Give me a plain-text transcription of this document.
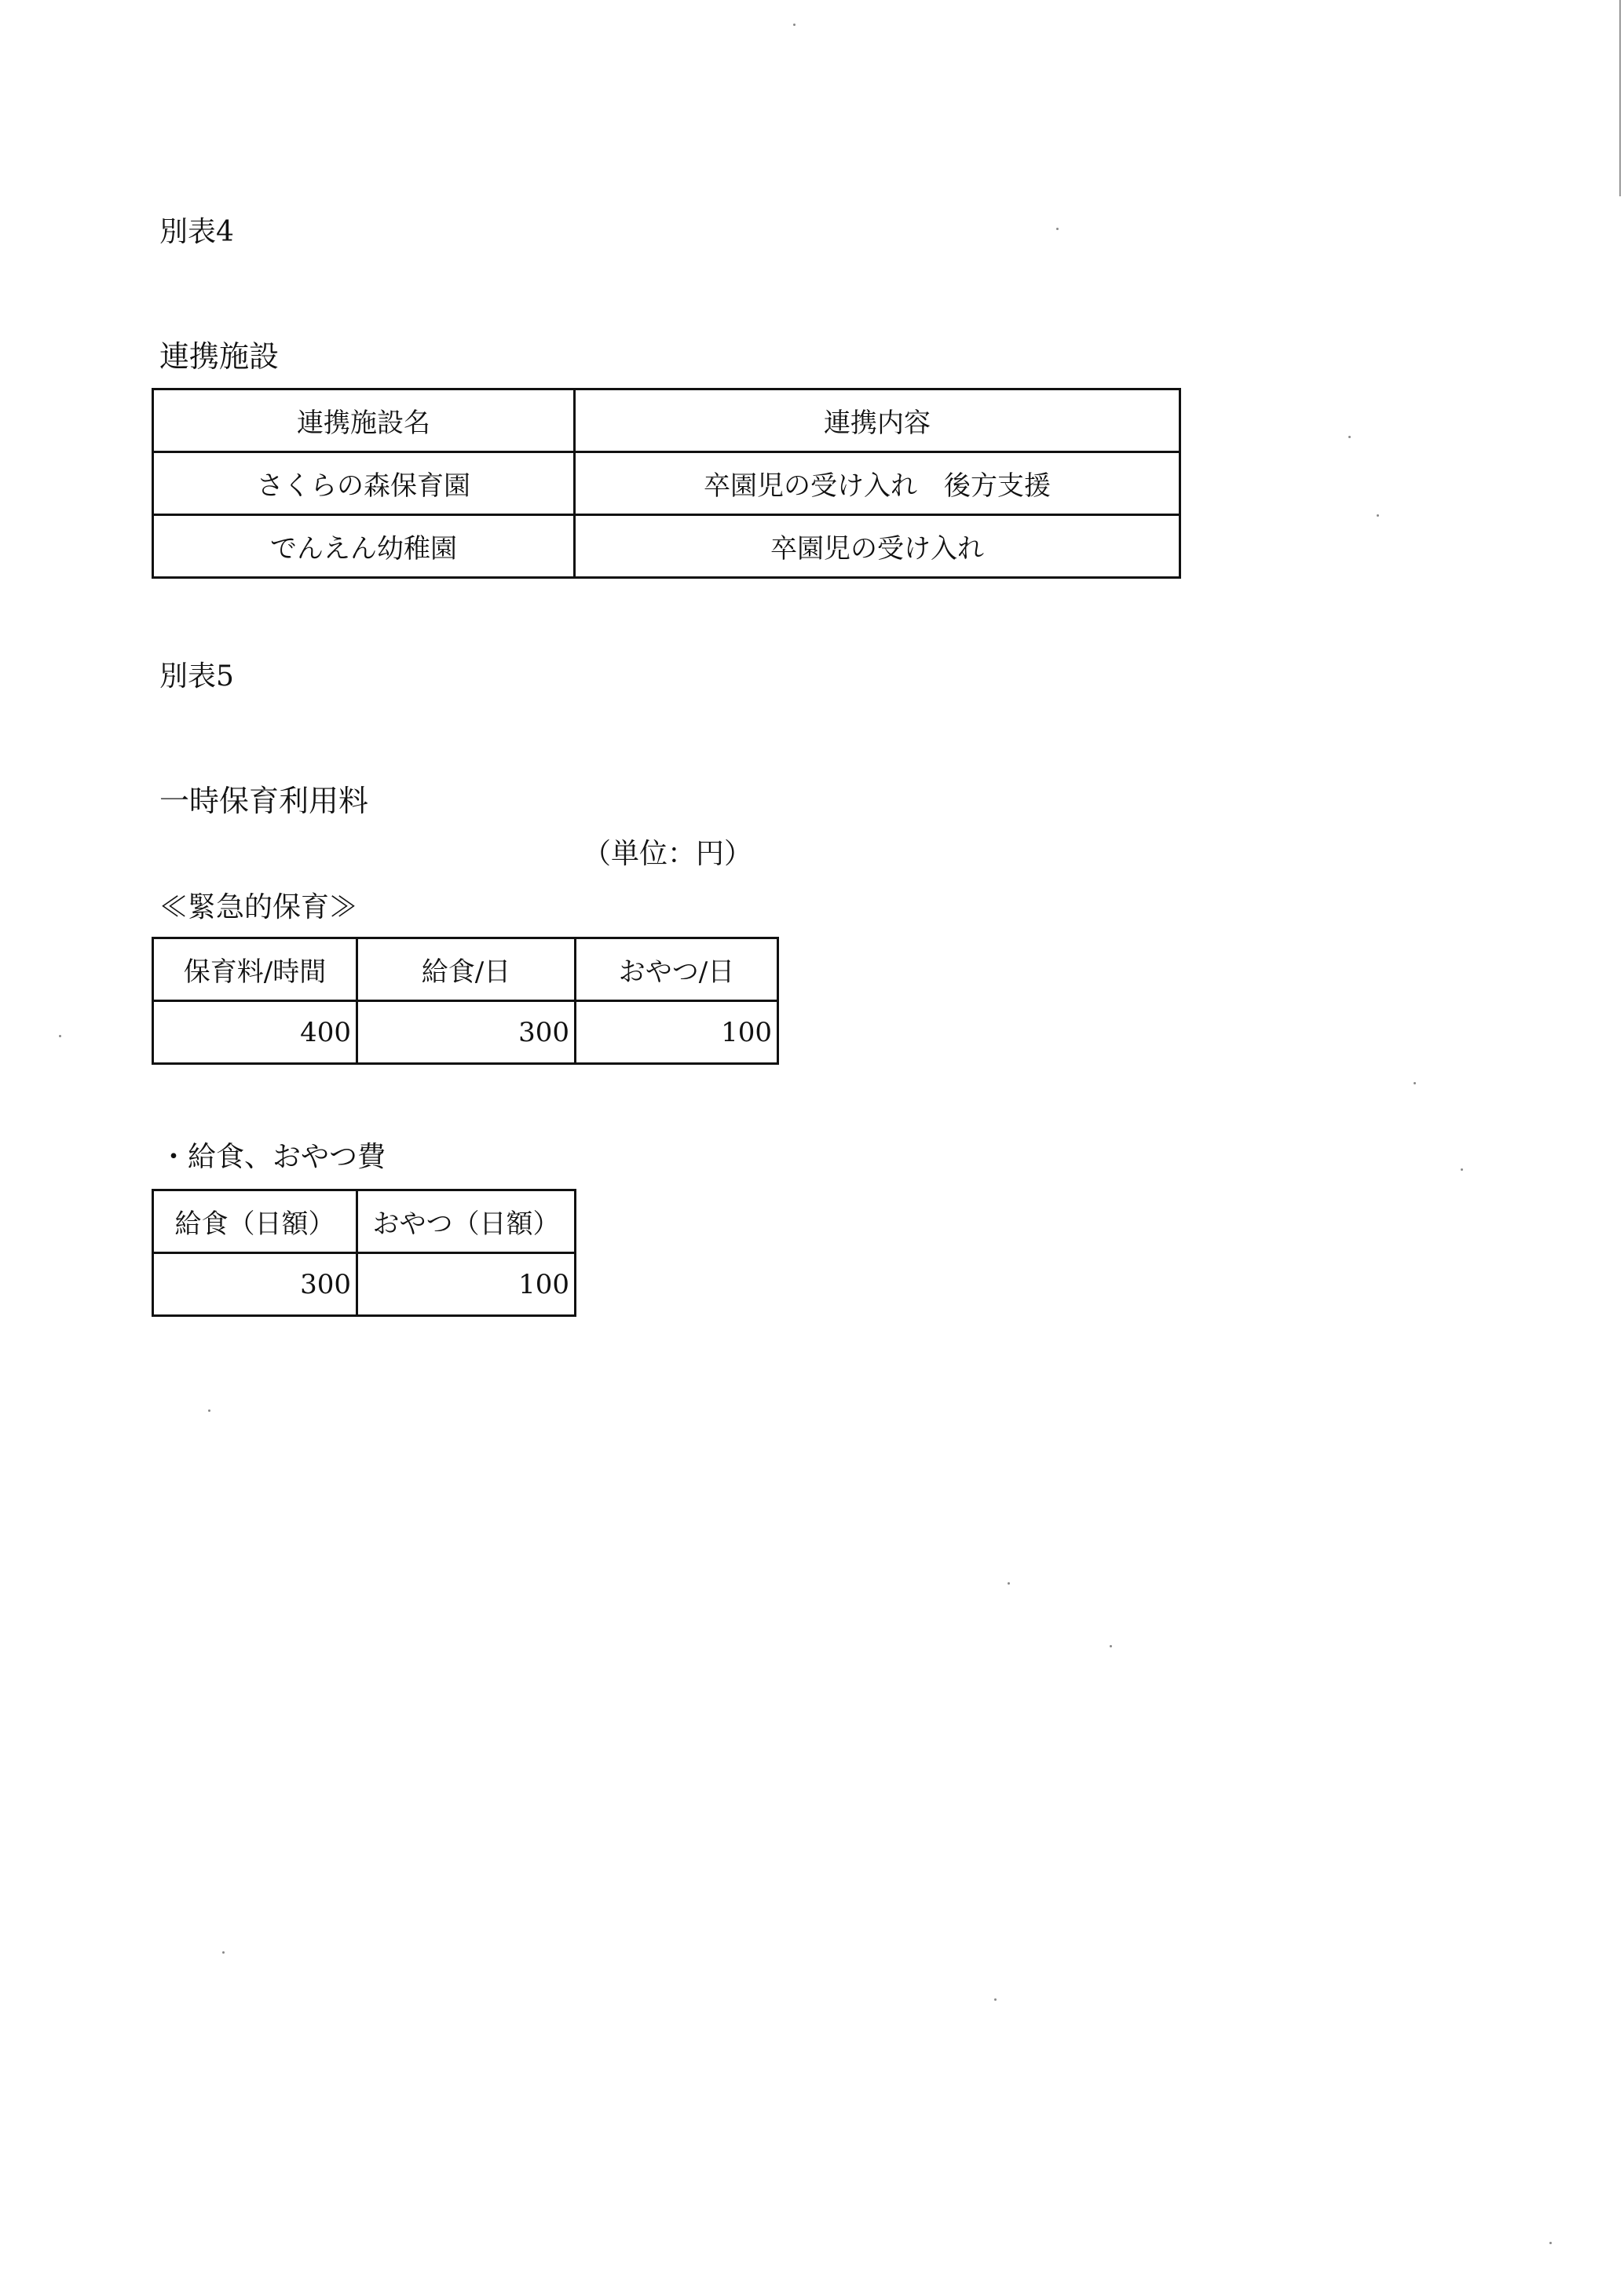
別表4
連携施設
連携施設名	連携内容
さくらの森保育園	卒園児の受け入れ　後方支援
でんえん幼稚園	卒園児の受け入れ
別表5
一時保育利用料
（単位：円）
≪緊急的保育≫
保育料/時間	給食/日	おやつ/日
400	300	100
・給食、おやつ費
給食（日額）	おやつ（日額）
300	100
